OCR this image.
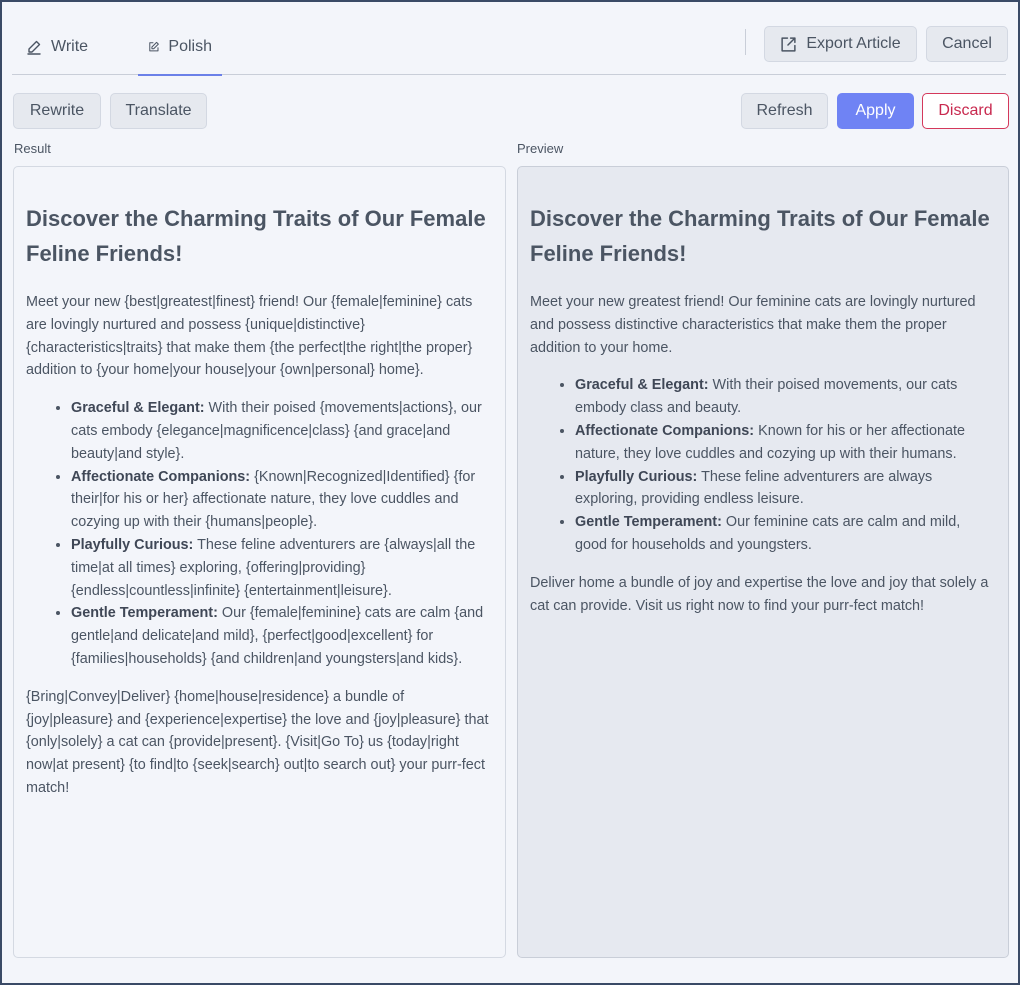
Write	Polish	Export Article	Cancel
Rewrite	Translate	Refresh	Apply	Discard
Result	Preview
Discover the Charming Traits of Our Female Feline Friends!

Meet your new {best|greatest|finest} friend! Our {female|feminine} cats are lovingly nurtured and possess {unique|distinctive} {characteristics|traits} that make them {the perfect|the right|the proper} addition to {your home|your house|your {own|personal} home}.

• Graceful & Elegant: With their poised {movements|actions}, our cats embody {elegance|magnificence|class} {and grace|and beauty|and style}.
• Affectionate Companions: {Known|Recognized|Identified} {for their|for his or her} affectionate nature, they love cuddles and cozying up with their {humans|people}.
• Playfully Curious: These feline adventurers are {always|all the time|at all times} exploring, {offering|providing} {endless|countless|infinite} {entertainment|leisure}.
• Gentle Temperament: Our {female|feminine} cats are calm {and gentle|and delicate|and mild}, {perfect|good|excellent} for {families|households} {and children|and youngsters|and kids}.

{Bring|Convey|Deliver} {home|house|residence} a bundle of {joy|pleasure} and {experience|expertise} the love and {joy|pleasure} that {only|solely} a cat can {provide|present}. {Visit|Go To} us {today|right now|at present} {to find|to {seek|search} out|to search out} your purr-fect match!

Discover the Charming Traits of Our Female Feline Friends!

Meet your new greatest friend! Our feminine cats are lovingly nurtured and possess distinctive characteristics that make them the proper addition to your home.

• Graceful & Elegant: With their poised movements, our cats embody class and beauty.
• Affectionate Companions: Known for his or her affectionate nature, they love cuddles and cozying up with their humans.
• Playfully Curious: These feline adventurers are always exploring, providing endless leisure.
• Gentle Temperament: Our feminine cats are calm and mild, good for households and youngsters.

Deliver home a bundle of joy and expertise the love and joy that solely a cat can provide. Visit us right now to find your purr-fect match!
